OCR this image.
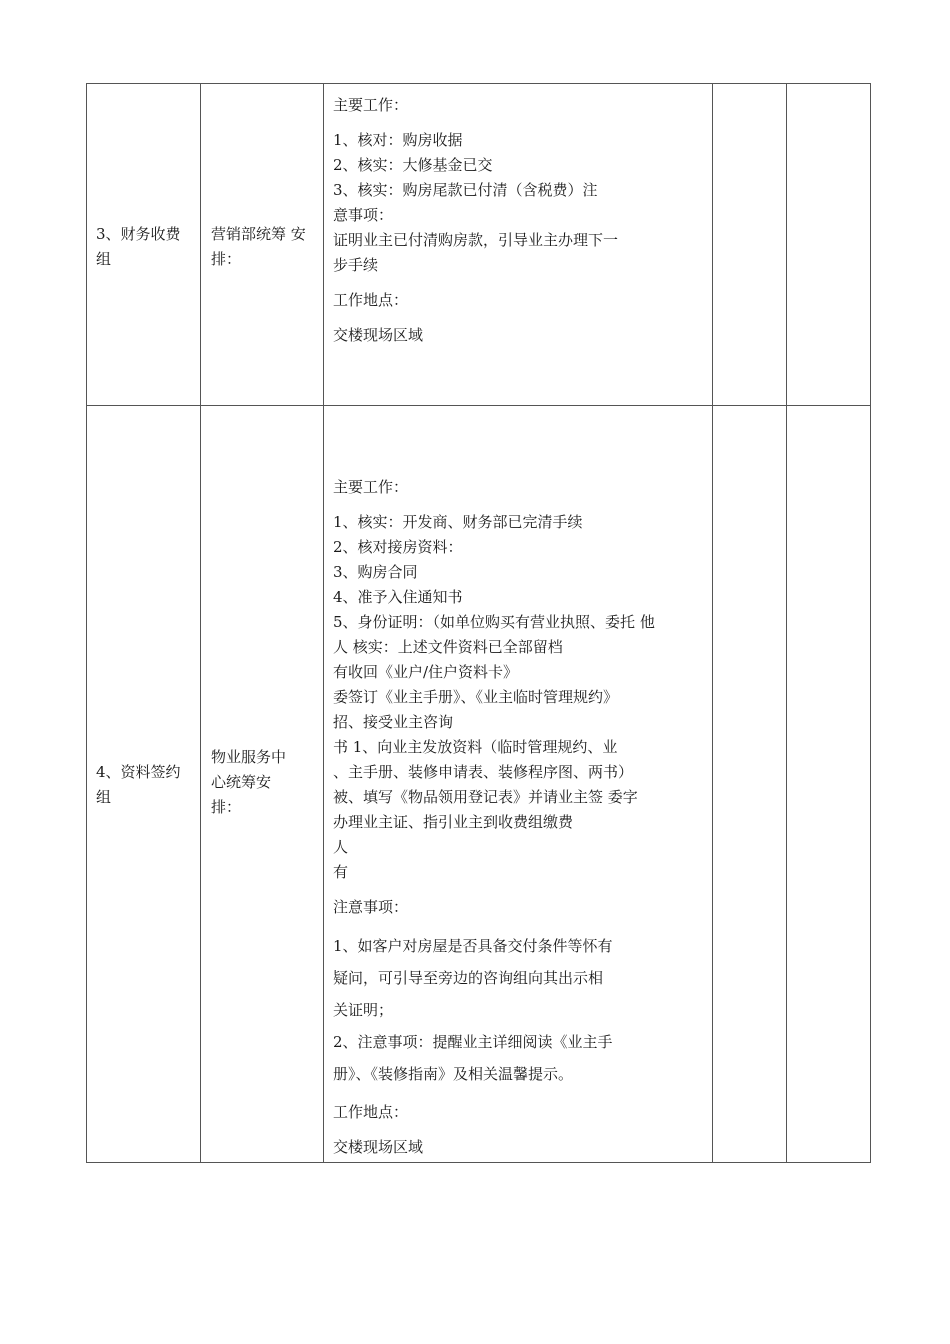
3、财务收费
组
营销部统筹 安
排：
主要工作：
1、核对：购房收据
2、核实：大修基金已交
3、核实：购房尾款已付清（含税费）注
意事项：
证明业主已付清购房款，引导业主办理下一
步手续
工作地点：
交楼现场区域
4、资料签约
组
物业服务中
心统筹安
排：
主要工作：
1、核实：开发商、财务部已完清手续
2、核对接房资料：
3、购房合同
4、准予入住通知书
5、身份证明：（如单位购买有营业执照、委托 他
人 核实：上述文件资料已全部留档
有收回《业户/住户资料卡》
委签订《业主手册》、《业主临时管理规约》
招、接受业主咨询
书 1、向业主发放资料（临时管理规约、业
、主手册、装修申请表、装修程序图、两书）
被、填写《物品领用登记表》并请业主签 委字
办理业主证、指引业主到收费组缴费
人
有
注意事项：
1、如客户对房屋是否具备交付条件等怀有
疑问，可引导至旁边的咨询组向其出示相
关证明；
2、注意事项：提醒业主详细阅读《业主手
册》、《装修指南》及相关温馨提示。
工作地点：
交楼现场区域
